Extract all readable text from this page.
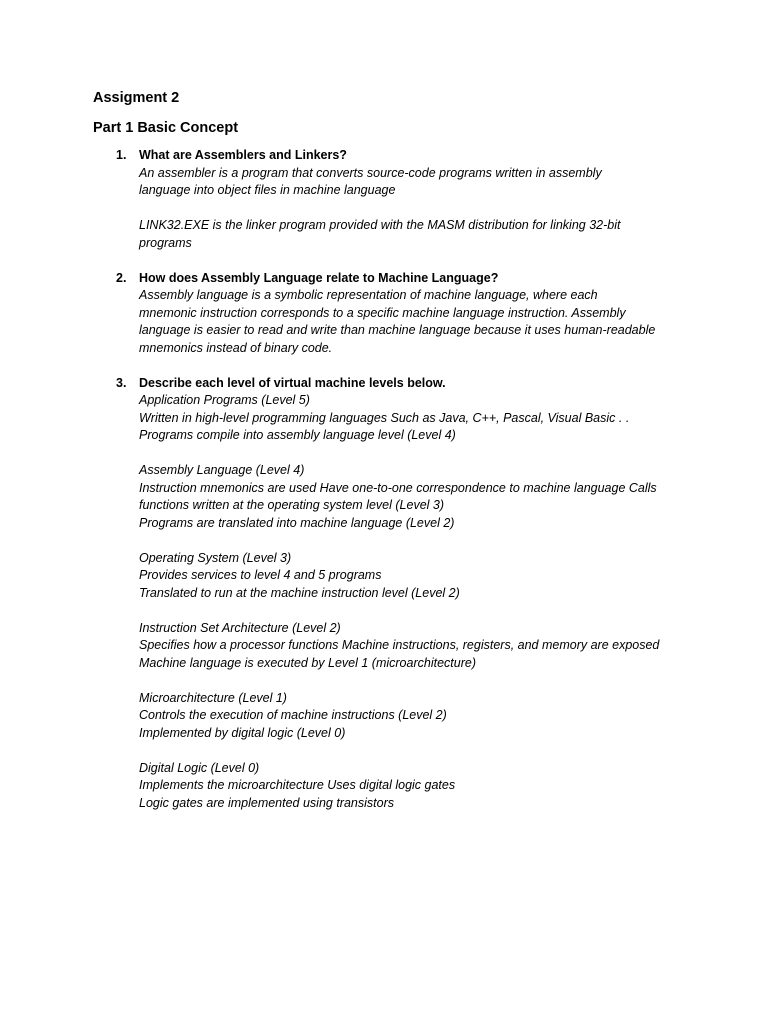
Assigment 2
Part 1 Basic Concept
1. What are Assemblers and Linkers?

An assembler is a program that converts source-code programs written in assembly
language into object files in machine language

LINK32.EXE is the linker program provided with the MASM distribution for linking 32-bit
programs

2. How does Assembly Language relate to Machine Language?

Assembly language is a symbolic representation of machine language, where each
mnemonic instruction corresponds to a specific machine language instruction. Assembly
language is easier to read and write than machine language because it uses human-readable
mnemonics instead of binary code.

3. Describe each level of virtual machine levels below.

Application Programs (Level 5)
Written in high-level programming languages Such as Java, C++, Pascal, Visual Basic . .
Programs compile into assembly language level (Level 4)

Assembly Language (Level 4)
Instruction mnemonics are used Have one-to-one correspondence to machine language Calls
functions written at the operating system level (Level 3)
Programs are translated into machine language (Level 2)

Operating System (Level 3)
Provides services to level 4 and 5 programs
Translated to run at the machine instruction level (Level 2)

Instruction Set Architecture (Level 2)
Specifies how a processor functions Machine instructions, registers, and memory are exposed
Machine language is executed by Level 1 (microarchitecture)

Microarchitecture (Level 1)
Controls the execution of machine instructions (Level 2)
Implemented by digital logic (Level 0)

Digital Logic (Level 0)
Implements the microarchitecture Uses digital logic gates
Logic gates are implemented using transistors
